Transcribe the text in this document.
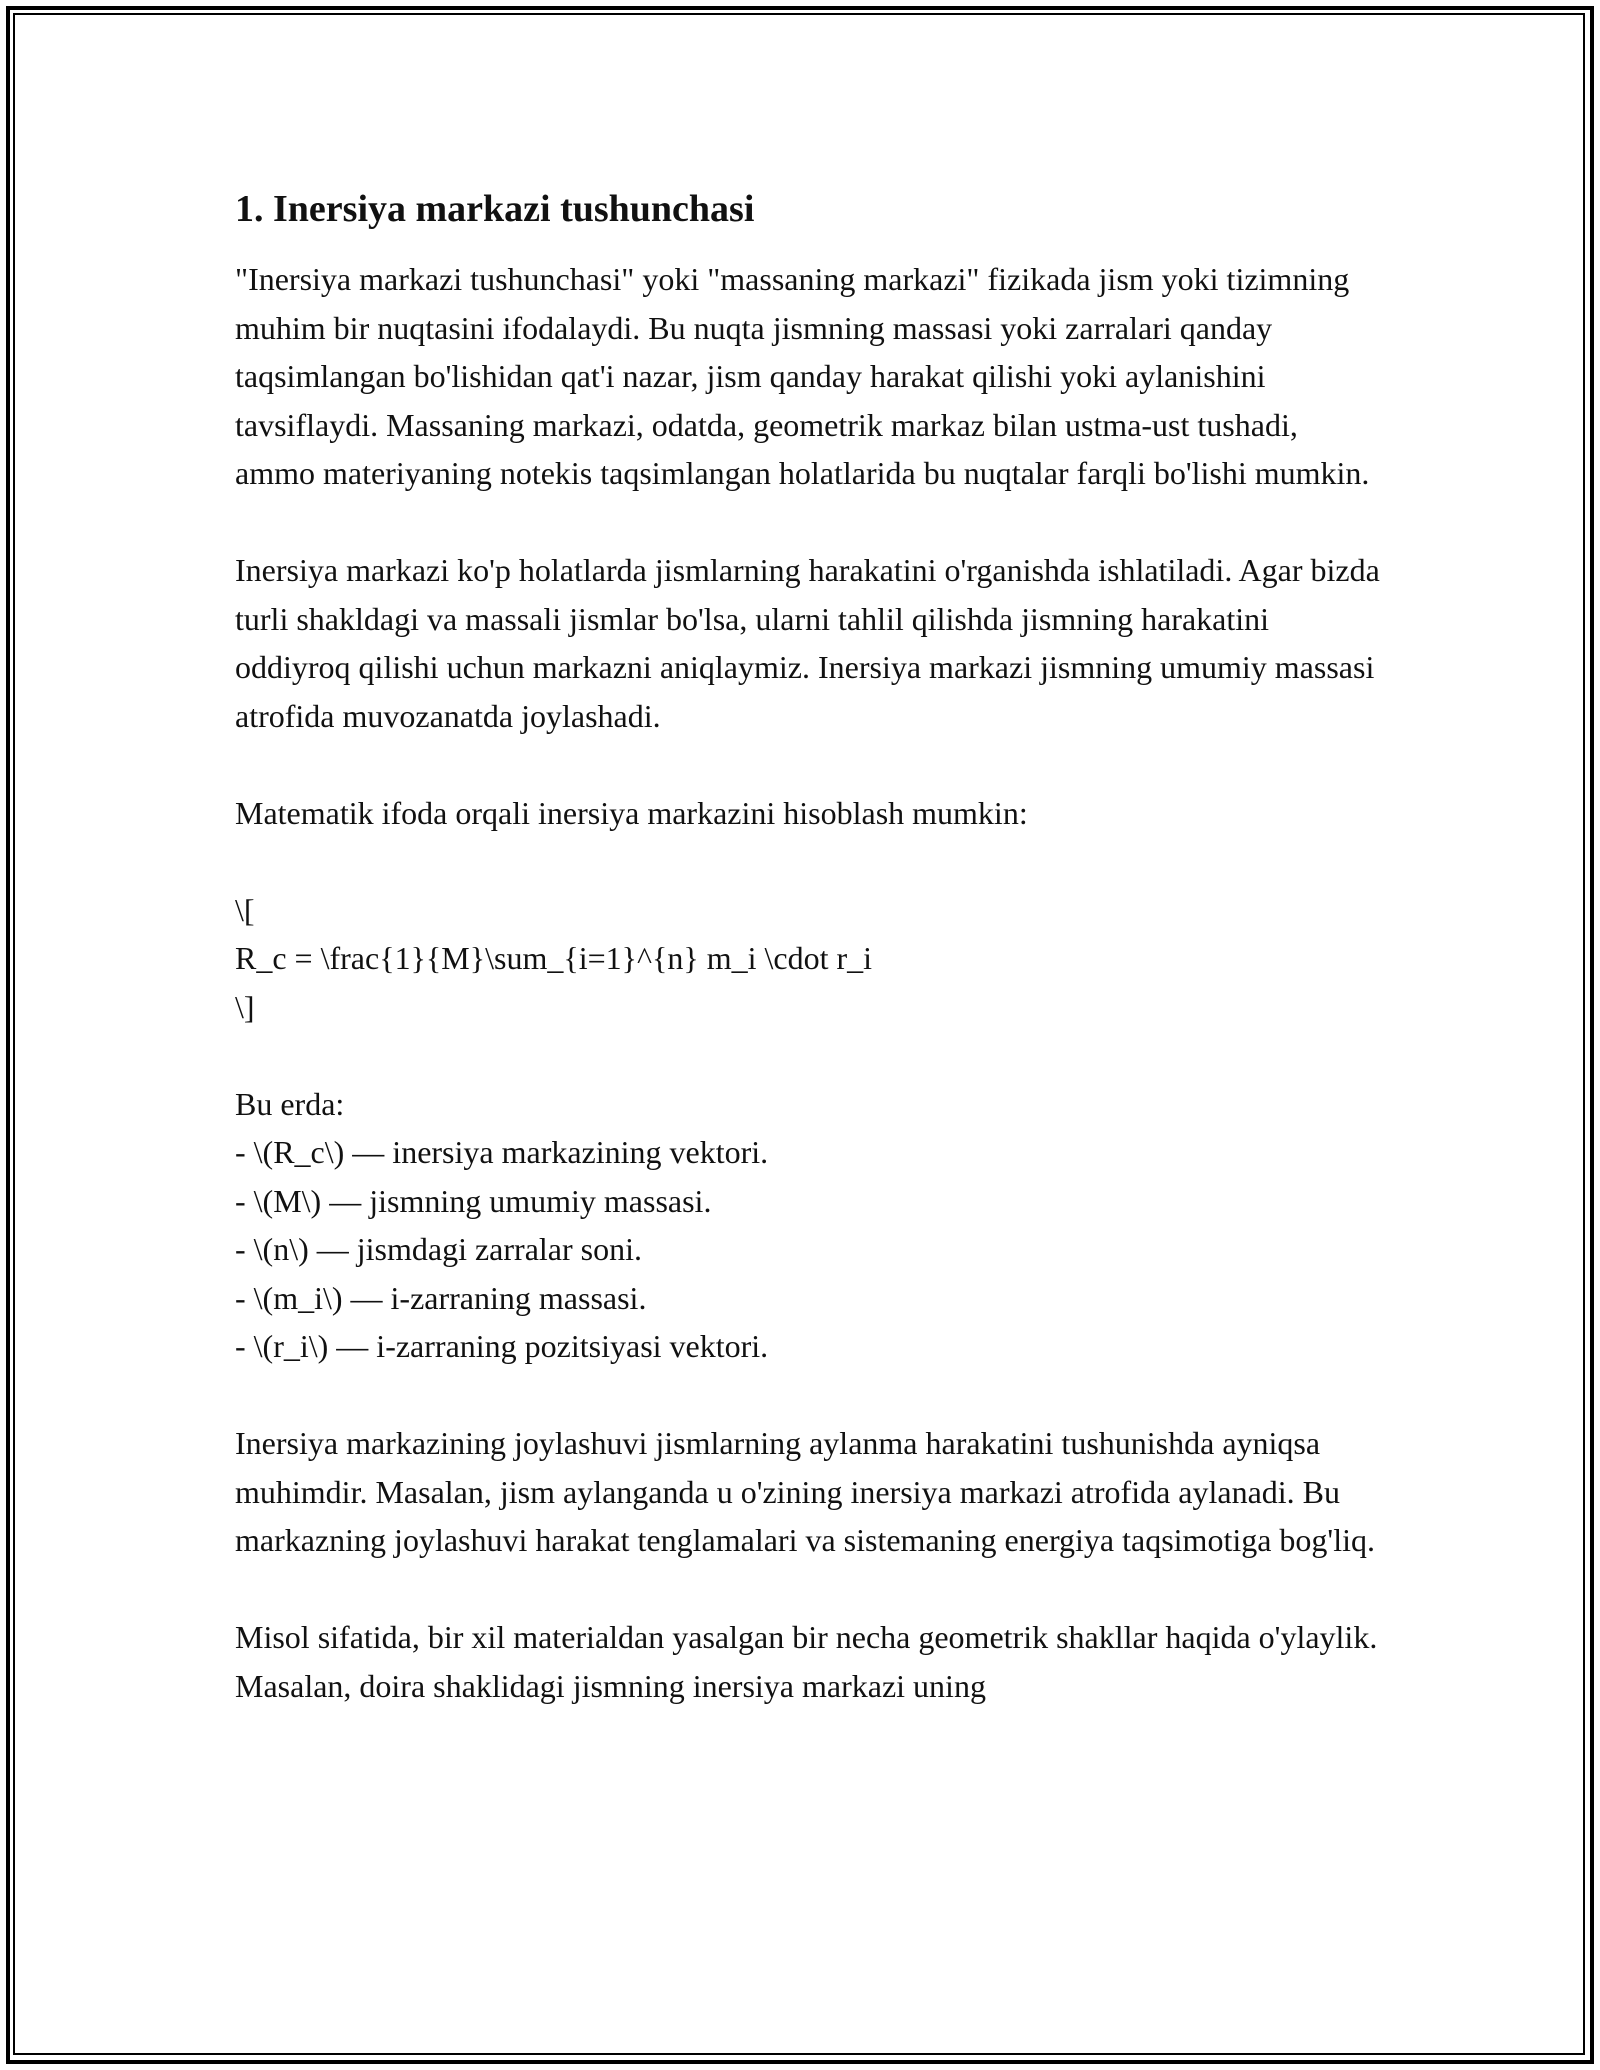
1. Inersiya markazi tushunchasi

"Inersiya markazi tushunchasi" yoki "massaning markazi" fizikada jism yoki tizimning muhim bir nuqtasini ifodalaydi. Bu nuqta jismning massasi yoki zarralari qanday taqsimlangan bo'lishidan qat'i nazar, jism qanday harakat qilishi yoki aylanishini tavsiflaydi. Massaning markazi, odatda, geometrik markaz bilan ustma-ust tushadi, ammo materiyaning notekis taqsimlangan holatlarida bu nuqtalar farqli bo'lishi mumkin.

Inersiya markazi ko'p holatlarda jismlarning harakatini o'rganishda ishlatiladi. Agar bizda turli shakldagi va massali jismlar bo'lsa, ularni tahlil qilishda jismning harakatini oddiyroq qilishi uchun markazni aniqlaymiz. Inersiya markazi jismning umumiy massasi atrofida muvozanatda joylashadi.

Matematik ifoda orqali inersiya markazini hisoblash mumkin:

\[
R_c = \frac{1}{M}\sum_{i=1}^{n} m_i \cdot r_i
\]
Bu erda:
- \(R_c\) — inersiya markazining vektori.
- \(M\) — jismning umumiy massasi.
- \(n\) — jismdagi zarralar soni.
- \(m_i\) — i-zarraning massasi.
- \(r_i\) — i-zarraning pozitsiyasi vektori.

Inersiya markazining joylashuvi jismlarning aylanma harakatini tushunishda ayniqsa muhimdir. Masalan, jism aylanganda u o'zining inersiya markazi atrofida aylanadi. Bu markazning joylashuvi harakat tenglamalari va sistemaning energiya taqsimotiga bog'liq.

Misol sifatida, bir xil materialdan yasalgan bir necha geometrik shakllar haqida o'ylaylik. Masalan, doira shaklidagi jismning inersiya markazi uning
